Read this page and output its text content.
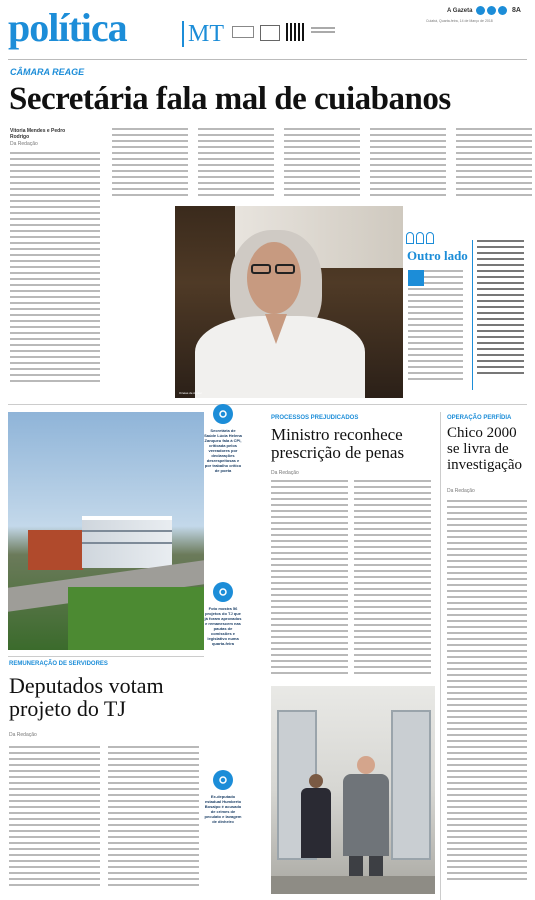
política	MT
A Gazeta	8A
Cuiabá, Quarta-feira, 14 de Março de 2018
CÂMARA REAGE
Secretária fala mal de cuiabanos
Vitoria Mendes e Pedro Rodrigo
Da Redação
Ozeias de Aguiar
Outro lado
Secretária de Saúde Lúcia Helena Zanqueu fala à CPI, criticada pelos vereadores por declarações desrespeitosas e por trabalho crítico de poeta
Foto mostra 56 projetos do TJ que já foram aprovados e remanescem nas pautas de comissões e legislativo numa quarta-feira
Ex-deputado estadual Humberto Bosaipo é acusado de crimes de peculato e lavagem de dinheiro
PROCESSOS PREJUDICADOS
Ministro reconhece prescrição de penas
Da Redação
OPERAÇÃO PERFÍDIA
Chico 2000 se livra de investigação
Da Redação
REMUNERAÇÃO DE SERVIDORES
Deputados votam projeto do TJ
Da Redação
